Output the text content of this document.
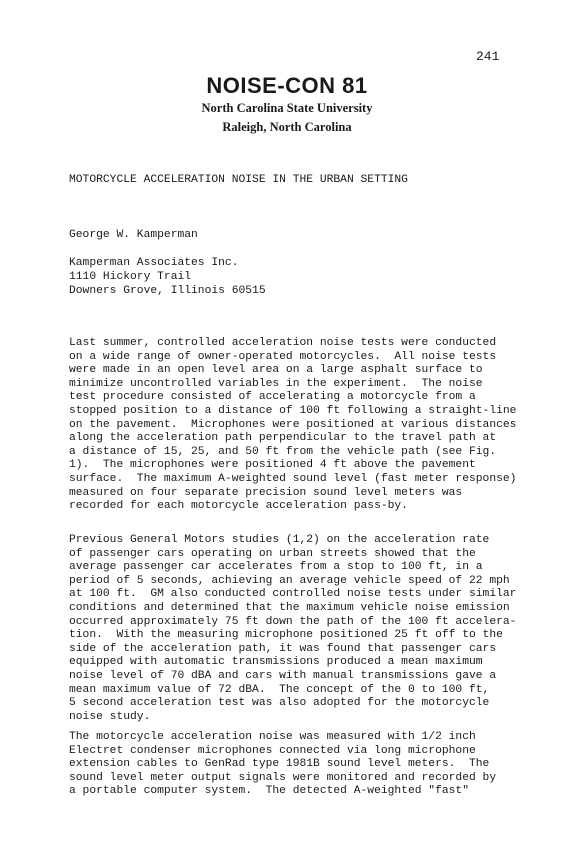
241
NOISE-CON 81
North Carolina State University
Raleigh, North Carolina
MOTORCYCLE ACCELERATION NOISE IN THE URBAN SETTING
George W. Kamperman
Kamperman Associates Inc.
1110 Hickory Trail
Downers Grove, Illinois 60515
Last summer, controlled acceleration noise tests were conducted
on a wide range of owner-operated motorcycles.  All noise tests
were made in an open level area on a large asphalt surface to
minimize uncontrolled variables in the experiment.  The noise
test procedure consisted of accelerating a motorcycle from a
stopped position to a distance of 100 ft following a straight-line
on the pavement.  Microphones were positioned at various distances
along the acceleration path perpendicular to the travel path at
a distance of 15, 25, and 50 ft from the vehicle path (see Fig.
1).  The microphones were positioned 4 ft above the pavement
surface.  The maximum A-weighted sound level (fast meter response)
measured on four separate precision sound level meters was
recorded for each motorcycle acceleration pass-by.
Previous General Motors studies (1,2) on the acceleration rate
of passenger cars operating on urban streets showed that the
average passenger car accelerates from a stop to 100 ft, in a
period of 5 seconds, achieving an average vehicle speed of 22 mph
at 100 ft.  GM also conducted controlled noise tests under similar
conditions and determined that the maximum vehicle noise emission
occurred approximately 75 ft down the path of the 100 ft accelera-
tion.  With the measuring microphone positioned 25 ft off to the
side of the acceleration path, it was found that passenger cars
equipped with automatic transmissions produced a mean maximum
noise level of 70 dBA and cars with manual transmissions gave a
mean maximum value of 72 dBA.  The concept of the 0 to 100 ft,
5 second acceleration test was also adopted for the motorcycle
noise study.
The motorcycle acceleration noise was measured with 1/2 inch
Electret condenser microphones connected via long microphone
extension cables to GenRad type 1981B sound level meters.  The
sound level meter output signals were monitored and recorded by
a portable computer system.  The detected A-weighted "fast"
